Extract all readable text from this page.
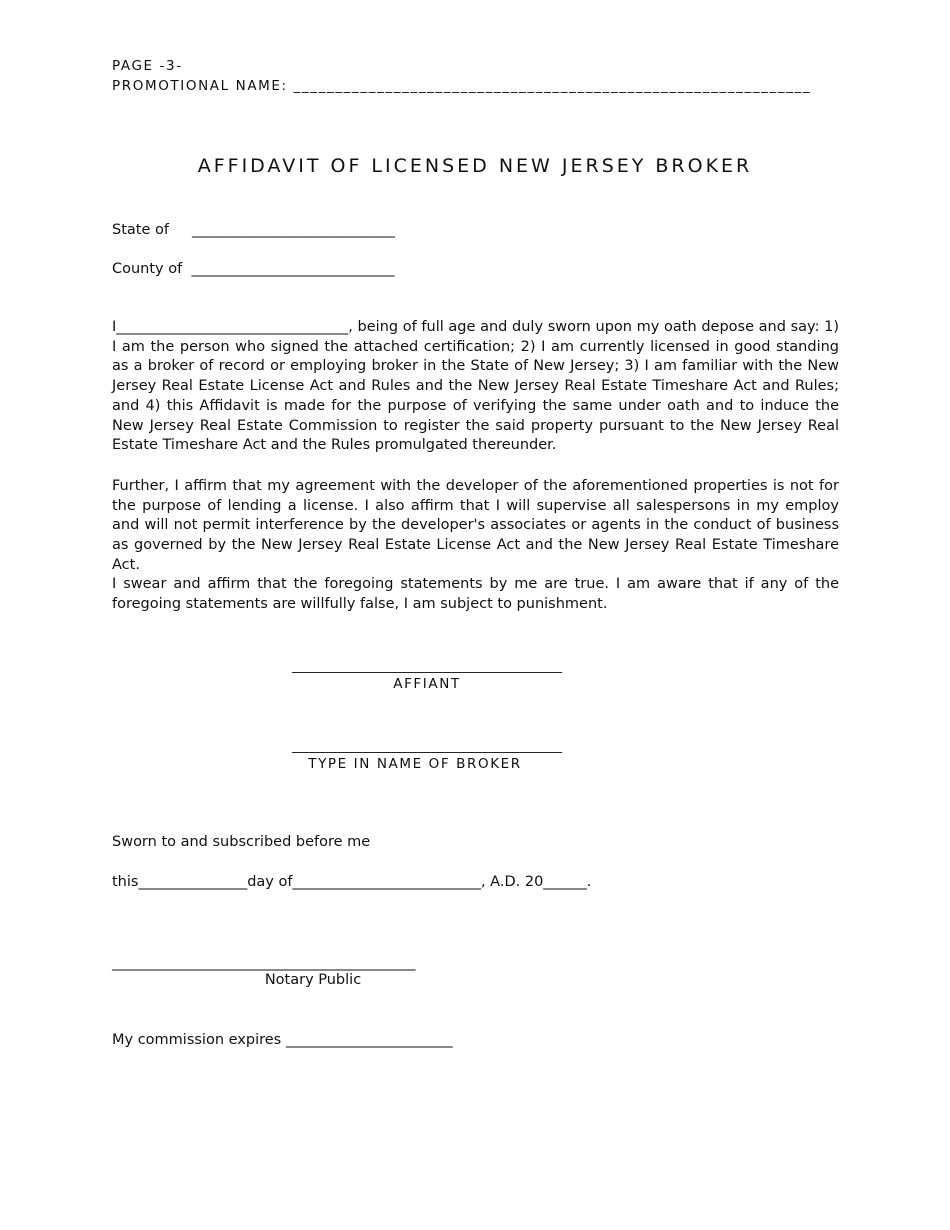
PAGE -3-
PROMOTIONAL NAME: ______________________________________________________________
AFFIDAVIT OF LICENSED NEW JERSEY BROKER
State of     ____________________________
County of  ____________________________
I________________________________, being of full age and duly sworn upon my oath depose and say: 1) I am the person who signed the attached certification; 2) I am currently licensed in good standing as a broker of record or employing broker in the State of New Jersey; 3) I am familiar with the New Jersey Real Estate License Act and Rules and the New Jersey Real Estate Timeshare Act and Rules; and 4) this Affidavit is made for the purpose of verifying the same under oath and to induce the New Jersey Real Estate Commission to register the said property pursuant to the New Jersey Real Estate Timeshare Act and the Rules promulgated thereunder.
Further, I affirm that my agreement with the developer of the aforementioned properties is not for the purpose of lending a license. I also affirm that I will supervise all salespersons in my employ and will not permit interference by the developer's associates or agents in the conduct of business as governed by the New Jersey Real Estate License Act and the New Jersey Real Estate Timeshare Act.
I swear and affirm that the foregoing statements by me are true. I am aware that if any of the foregoing statements are willfully false, I am subject to punishment.
________________________________________
AFFIANT
________________________________________
TYPE IN NAME OF BROKER
Sworn to and subscribed before me
this_______________day of__________________________, A.D. 20______.
____________________________________________
Notary Public
My commission expires _______________________
